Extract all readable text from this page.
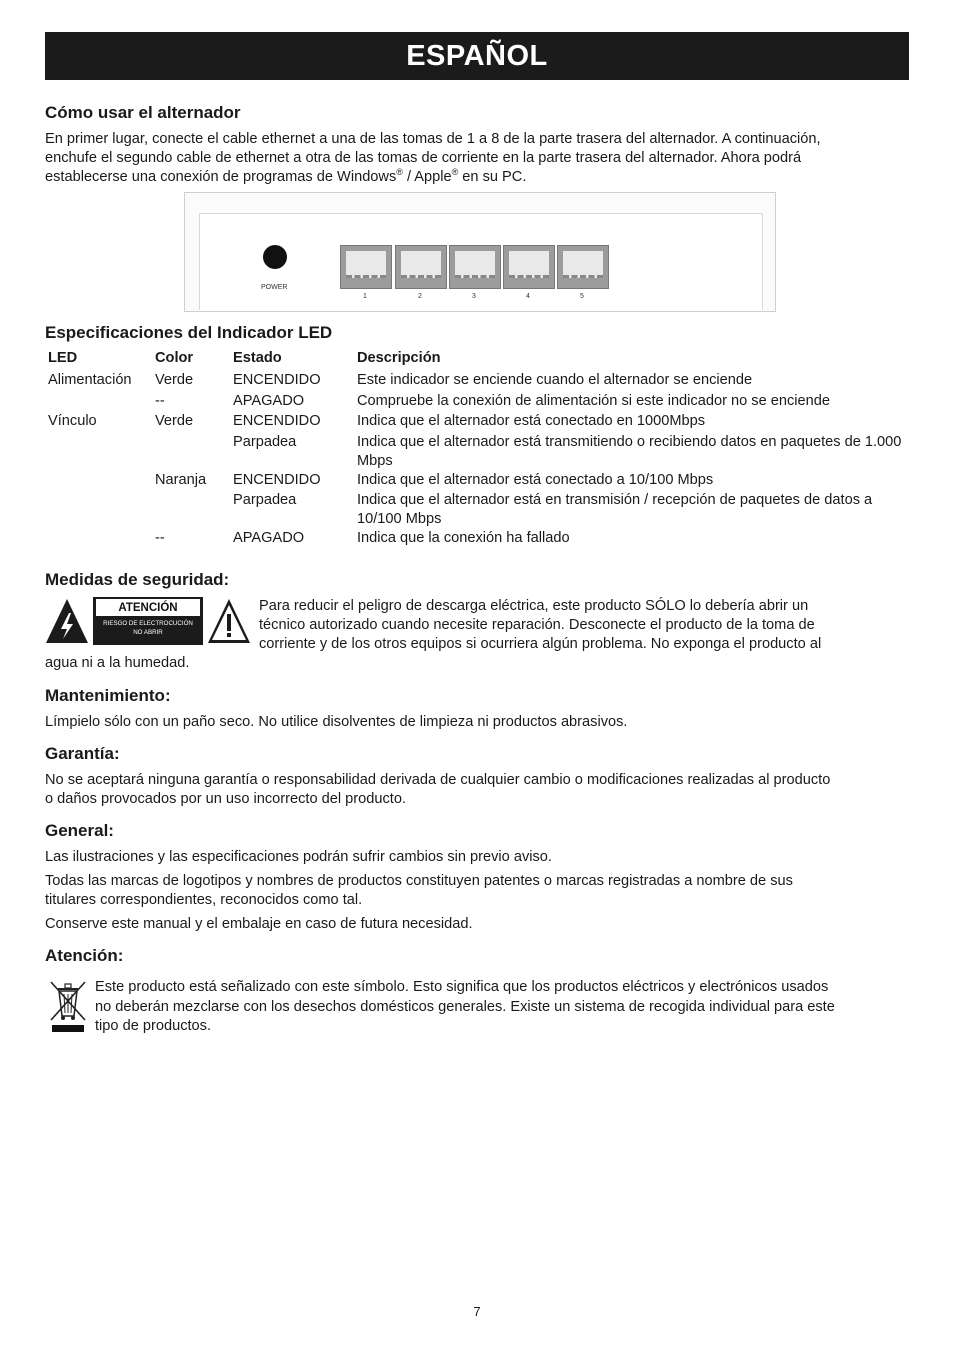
ESPAÑOL
Cómo usar el alternador

En primer lugar, conecte el cable ethernet a una de las tomas de 1 a 8 de la parte trasera del alternador. A continuación,

enchufe el segundo cable de ethernet a otra de las tomas de corriente en la parte trasera del alternador. Ahora podrá

establecerse una conexión de programas de Windows® / Apple® en su PC.

POWER
1	2	3	4	5
Especificaciones del Indicador LED
LED	Color	Estado	Descripción
Alimentación	Verde	ENCENDIDO	Este indicador se enciende cuando el alternador se enciende
	--	APAGADO	Compruebe la conexión de alimentación si este indicador no se enciende
Vínculo	Verde	ENCENDIDO	Indica que el alternador está conectado en 1000Mbps
		Parpadea	Indica que el alternador está transmitiendo o recibiendo datos en paquetes de 1.000 Mbps
	Naranja	ENCENDIDO	Indica que el alternador está conectado a 10/100 Mbps
		Parpadea	Indica que el alternador está en transmisión / recepción de paquetes de datos a 10/100 Mbps
	--	APAGADO	Indica que la conexión ha fallado
Medidas de seguridad:
ATENCIÓN
RIESGO DE ELECTROCUCIÓN
NO ABRIR

Para reducir el peligro de descarga eléctrica, este producto SÓLO lo debería abrir un

técnico autorizado cuando necesite reparación. Desconecte el producto de la toma de

corriente y de los otros equipos si ocurriera algún problema. No exponga el producto al

agua ni a la humedad.

Mantenimiento:

Límpielo sólo con un paño seco. No utilice disolventes de limpieza ni productos abrasivos.

Garantía:

No se aceptará ninguna garantía o responsabilidad derivada de cualquier cambio o modificaciones realizadas al producto

o daños provocados por un uso incorrecto del producto.

General:

Las ilustraciones y las especificaciones podrán sufrir cambios sin previo aviso.

Todas las marcas de logotipos y nombres de productos constituyen patentes o marcas registradas a nombre de sus

titulares correspondientes, reconocidos como tal.

Conserve este manual y el embalaje en caso de futura necesidad.

Atención:

Este producto está señalizado con este símbolo. Esto significa que los productos eléctricos y electrónicos usados

no deberán mezclarse con los desechos domésticos generales. Existe un sistema de recogida individual para este

tipo de productos.

7
